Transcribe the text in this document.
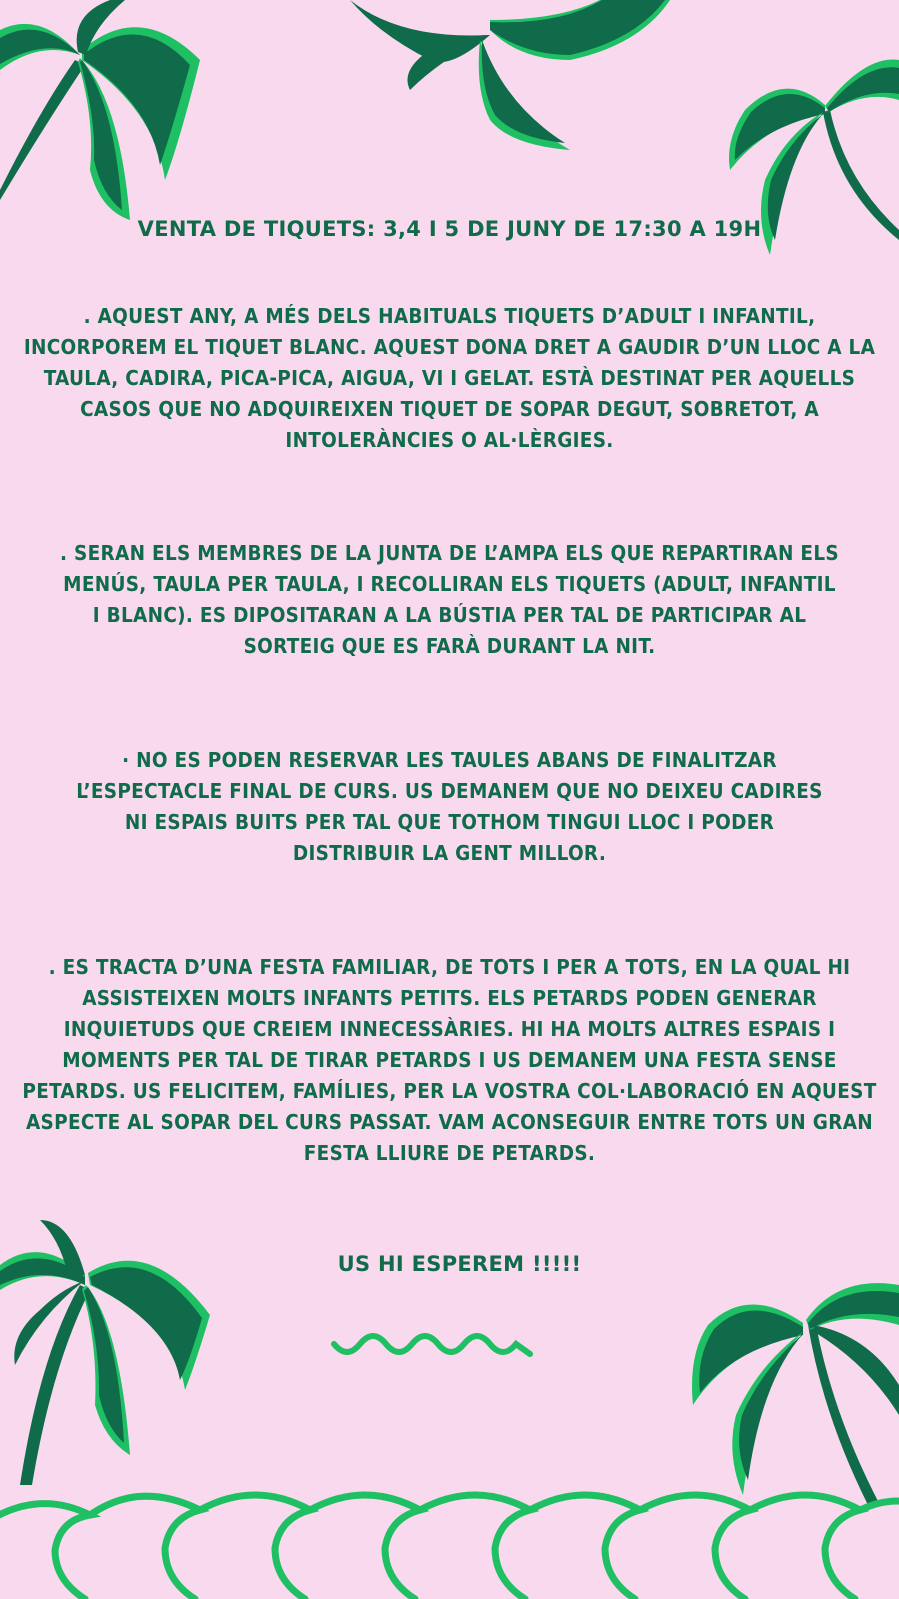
VENTA DE TIQUETS: 3,4 I 5 DE JUNY DE 17:30 A 19H

. AQUEST ANY, A MÉS DELS HABITUALS TIQUETS D’ADULT I INFANTIL, INCORPOREM EL TIQUET BLANC. AQUEST DONA DRET A GAUDIR D’UN LLOC A LA TAULA, CADIRA, PICA-PICA, AIGUA, VI I GELAT. ESTÀ DESTINAT PER AQUELLS CASOS QUE NO ADQUIREIXEN TIQUET DE SOPAR DEGUT, SOBRETOT, A INTOLERÀNCIES O AL·LÈRGIES.

. SERAN ELS MEMBRES DE LA JUNTA DE L’AMPA ELS QUE REPARTIRAN ELS MENÚS, TAULA PER TAULA, I RECOLLIRAN ELS TIQUETS (ADULT, INFANTIL I BLANC). ES DIPOSITARAN A LA BÚSTIA PER TAL DE PARTICIPAR AL SORTEIG QUE ES FARÀ DURANT LA NIT.

· NO ES PODEN RESERVAR LES TAULES ABANS DE FINALITZAR L’ESPECTACLE FINAL DE CURS. US DEMANEM QUE NO DEIXEU CADIRES NI ESPAIS BUITS PER TAL QUE TOTHOM TINGUI LLOC I PODER DISTRIBUIR LA GENT MILLOR.

. ES TRACTA D’UNA FESTA FAMILIAR, DE TOTS I PER A TOTS, EN LA QUAL HI ASSISTEIXEN MOLTS INFANTS PETITS. ELS PETARDS PODEN GENERAR INQUIETUDS QUE CREIEM INNECESSÀRIES. HI HA MOLTS ALTRES ESPAIS I MOMENTS PER TAL DE TIRAR PETARDS I US DEMANEM UNA FESTA SENSE PETARDS. US FELICITEM, FAMÍLIES, PER LA VOSTRA COL·LABORACIÓ EN AQUEST ASPECTE AL SOPAR DEL CURS PASSAT. VAM ACONSEGUIR ENTRE TOTS UN GRAN FESTA LLIURE DE PETARDS.

US HI ESPEREM !!!!!
